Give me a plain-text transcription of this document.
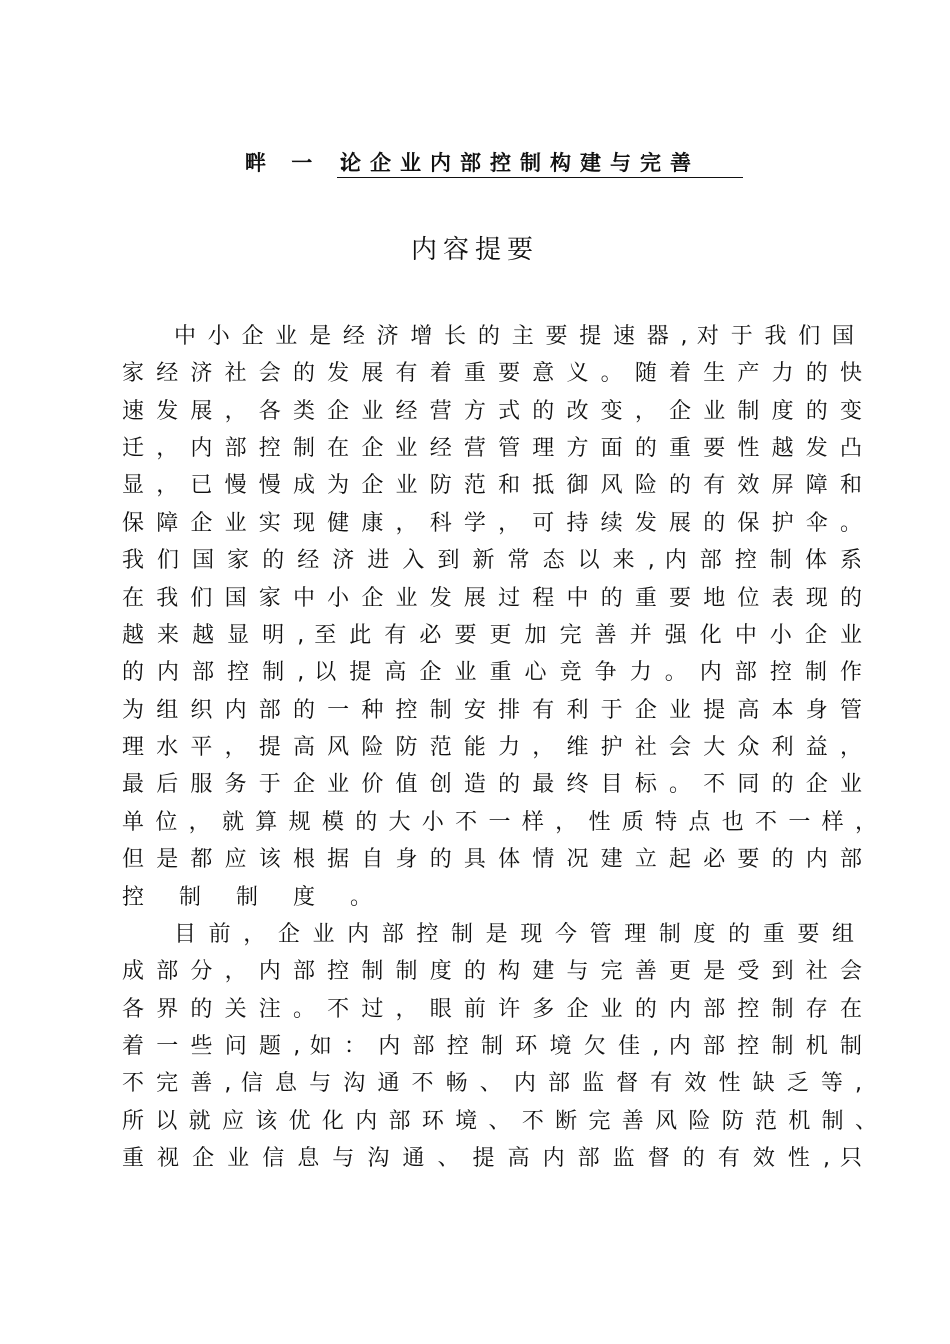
畔 一 ：
论企业内部控制构建与完善
内容提要
中 小 企 业 是 经 济 增 长 的 主 要 提 速 器 , 对 于 我 们 国
家 经 济 社 会 的 发 展 有 着 重 要 意 义 。 随 着 生 产 力 的 快
速 发 展 ， 各 类 企 业 经 营 方 式 的 改 变 ， 企 业 制 度 的 变
迁 ， 内 部 控 制 在 企 业 经 营 管 理 方 面 的 重 要 性 越 发 凸
显 ， 已 慢 慢 成 为 企 业 防 范 和 抵 御 风 险 的 有 效 屏 障 和
保 障 企 业 实 现 健 康 ， 科 学 ， 可 持 续 发 展 的 保 护 伞 。
我 们 国 家 的 经 济 进 入 到 新 常 态 以 来 , 内 部 控 制 体 系
在 我 们 国 家 中 小 企 业 发 展 过 程 中 的 重 要 地 位 表 现 的
越 来 越 显 明 , 至 此 有 必 要 更 加 完 善 并 强 化 中 小 企 业
的 内 部 控 制 , 以 提 高 企 业 重 心 竞 争 力 。 内 部 控 制 作
为 组 织 内 部 的 一 种 控 制 安 排 有 利 于 企 业 提 高 本 身 管
理 水 平 ， 提 高 风 险 防 范 能 力 ， 维 护 社 会 大 众 利 益 ，
最 后 服 务 于 企 业 价 值 创 造 的 最 终 目 标 。 不 同 的 企 业
单 位 ， 就 算 规 模 的 大 小 不 一 样 ， 性 质 特 点 也 不 一 样 ，
但 是 都 应 该 根 据 自 身 的 具 体 情 况 建 立 起 必 要 的 内 部
控 制 制 度 。
目 前 ， 企 业 内 部 控 制 是 现 今 管 理 制 度 的 重 要 组
成 部 分 ， 内 部 控 制 制 度 的 构 建 与 完 善 更 是 受 到 社 会
各 界 的 关 注 。 不 过 ， 眼 前 许 多 企 业 的 内 部 控 制 存 在
着 一 些 问 题 , 如 ： 内 部 控 制 环 境 欠 佳 , 内 部 控 制 机 制
不 完 善 , 信 息 与 沟 通 不 畅 、 内 部 监 督 有 效 性 缺 乏 等 ,
所 以 就 应 该 优 化 内 部 环 境 、 不 断 完 善 风 险 防 范 机 制 、
重 视 企 业 信 息 与 沟 通 、 提 高 内 部 监 督 的 有 效 性 , 只
